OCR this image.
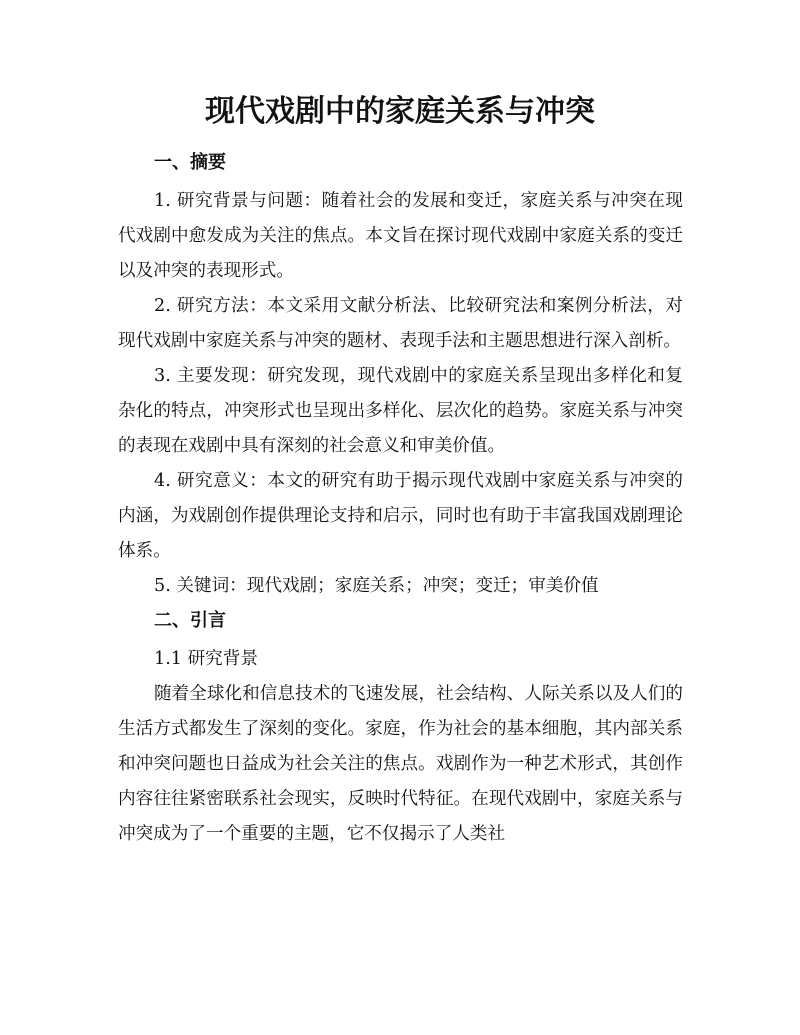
现代戏剧中的家庭关系与冲突
一、摘要

1. 研究背景与问题：随着社会的发展和变迁，家庭关系与冲突在现代戏剧中愈发成为关注的焦点。本文旨在探讨现代戏剧中家庭关系的变迁以及冲突的表现形式。

2. 研究方法：本文采用文献分析法、比较研究法和案例分析法，对现代戏剧中家庭关系与冲突的题材、表现手法和主题思想进行深入剖析。

3. 主要发现：研究发现，现代戏剧中的家庭关系呈现出多样化和复杂化的特点，冲突形式也呈现出多样化、层次化的趋势。家庭关系与冲突的表现在戏剧中具有深刻的社会意义和审美价值。

4. 研究意义：本文的研究有助于揭示现代戏剧中家庭关系与冲突的内涵，为戏剧创作提供理论支持和启示，同时也有助于丰富我国戏剧理论体系。

5. 关键词：现代戏剧；家庭关系；冲突；变迁；审美价值

二、引言

1.1 研究背景

随着全球化和信息技术的飞速发展，社会结构、人际关系以及人们的生活方式都发生了深刻的变化。家庭，作为社会的基本细胞，其内部关系和冲突问题也日益成为社会关注的焦点。戏剧作为一种艺术形式，其创作内容往往紧密联系社会现实，反映时代特征。在现代戏剧中，家庭关系与冲突成为了一个重要的主题，它不仅揭示了人类社
